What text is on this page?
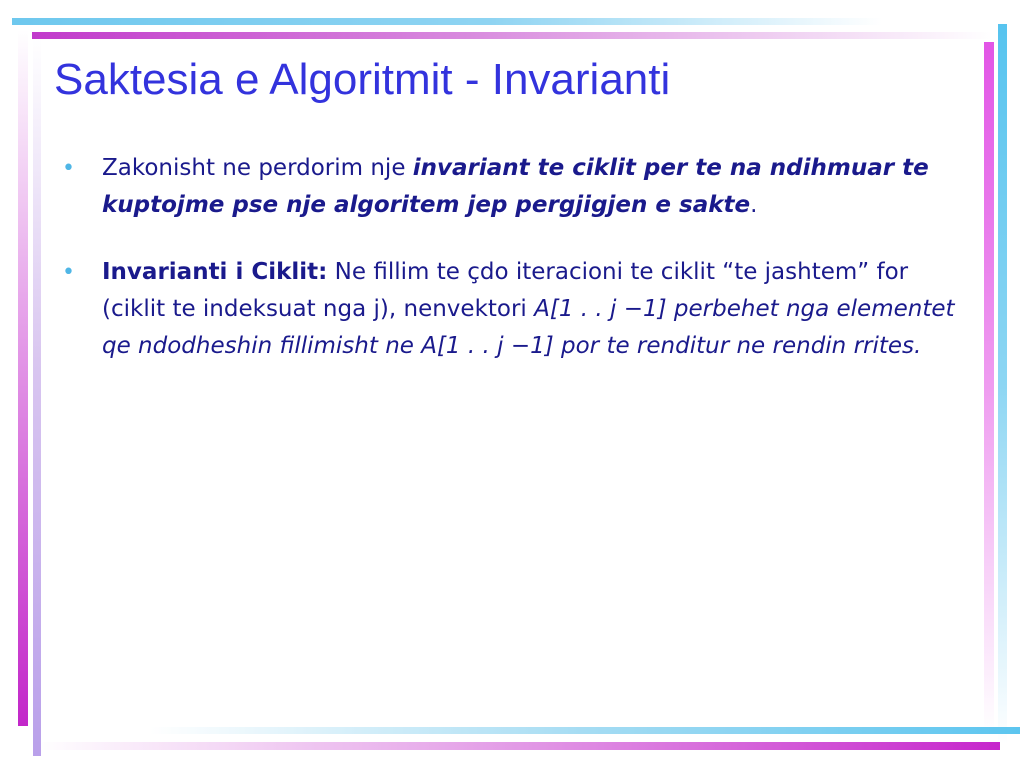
Saktesia e Algoritmit - Invarianti

• Zakonisht ne perdorim nje invariant te ciklit per te na ndihmuar te kuptojme pse nje algoritem jep pergjigjen e sakte.

• Invarianti i Ciklit: Ne fillim te çdo iteracioni te ciklit “te jashtem” for (ciklit te indeksuat nga j), nenvektori A[1 . . j −1] perbehet nga elementet qe ndodheshin fillimisht ne A[1 . . j −1] por te renditur ne rendin rrites.
